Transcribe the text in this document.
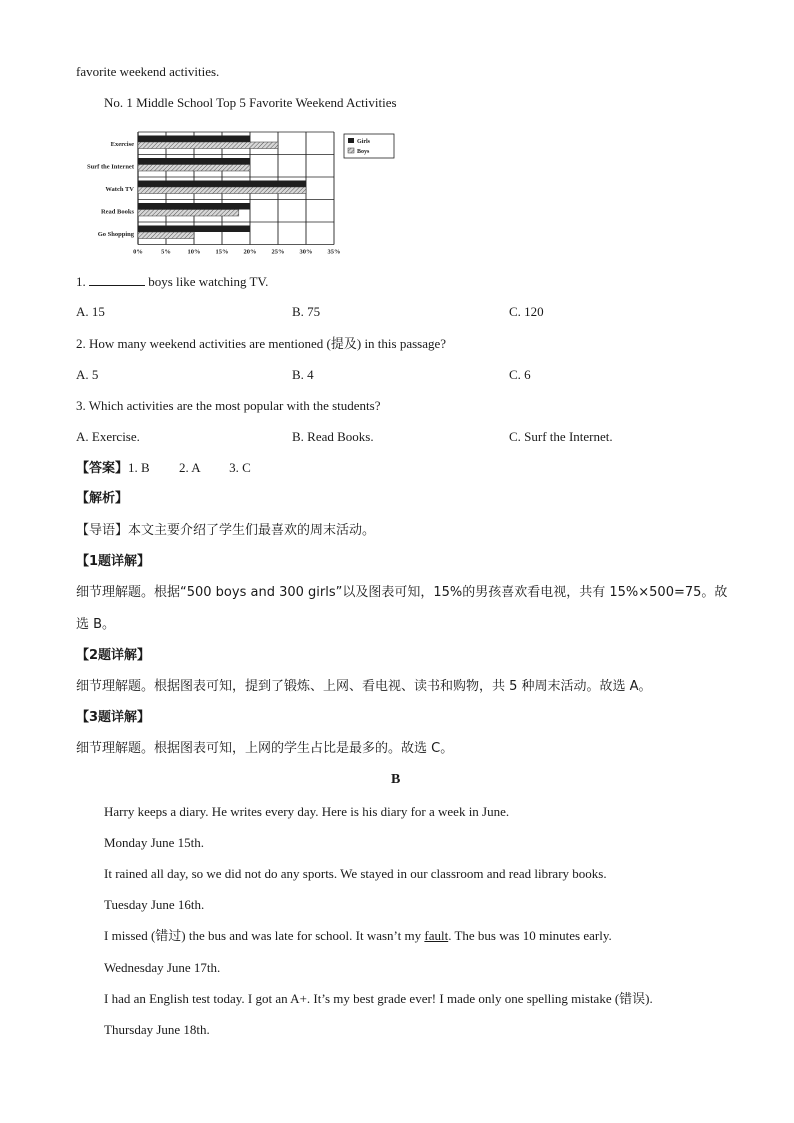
favorite weekend activities.
No. 1 Middle School Top 5 Favorite Weekend Activities
Exercise
Surf the Internet
Watch TV
Read Books
Go Shopping
0%	5%	10% 15% 20% 25% 30% 35%
Girls
Boys
1.	boys like watching TV.
A. 15	B. 75	C. 120
2. How many weekend activities are mentioned (提及) in this passage?
A. 5	B. 4	C. 6
3. Which activities are the most popular with the students?
A. Exercise.	B. Read Books.	C. Surf the Internet.
【答案】1. B 2. A 3. C
【解析】
【导语】本文主要介绍了学生们最喜欢的周末活动。
【1题详解】
细节理解题。根据“500 boys and 300 girls”以及图表可知，15%的男孩喜欢看电视，共有 15%×500=75。故
选 B。
【2题详解】
细节理解题。根据图表可知，提到了锻炼、上网、看电视、读书和购物，共 5 种周末活动。故选 A。
【3题详解】
细节理解题。根据图表可知，上网的学生占比是最多的。故选 C。
B
Harry keeps a diary. He writes every day. Here is his diary for a week in June.
Monday June 15th.
It rained all day, so we did not do any sports. We stayed in our classroom and read library books.
Tuesday June 16th.
I missed (错过) the bus and was late for school. It wasn’t my fault. The bus was 10 minutes early.
Wednesday June 17th.
I had an English test today. I got an A+. It’s my best grade ever! I made only one spelling mistake (错误).
Thursday June 18th.
